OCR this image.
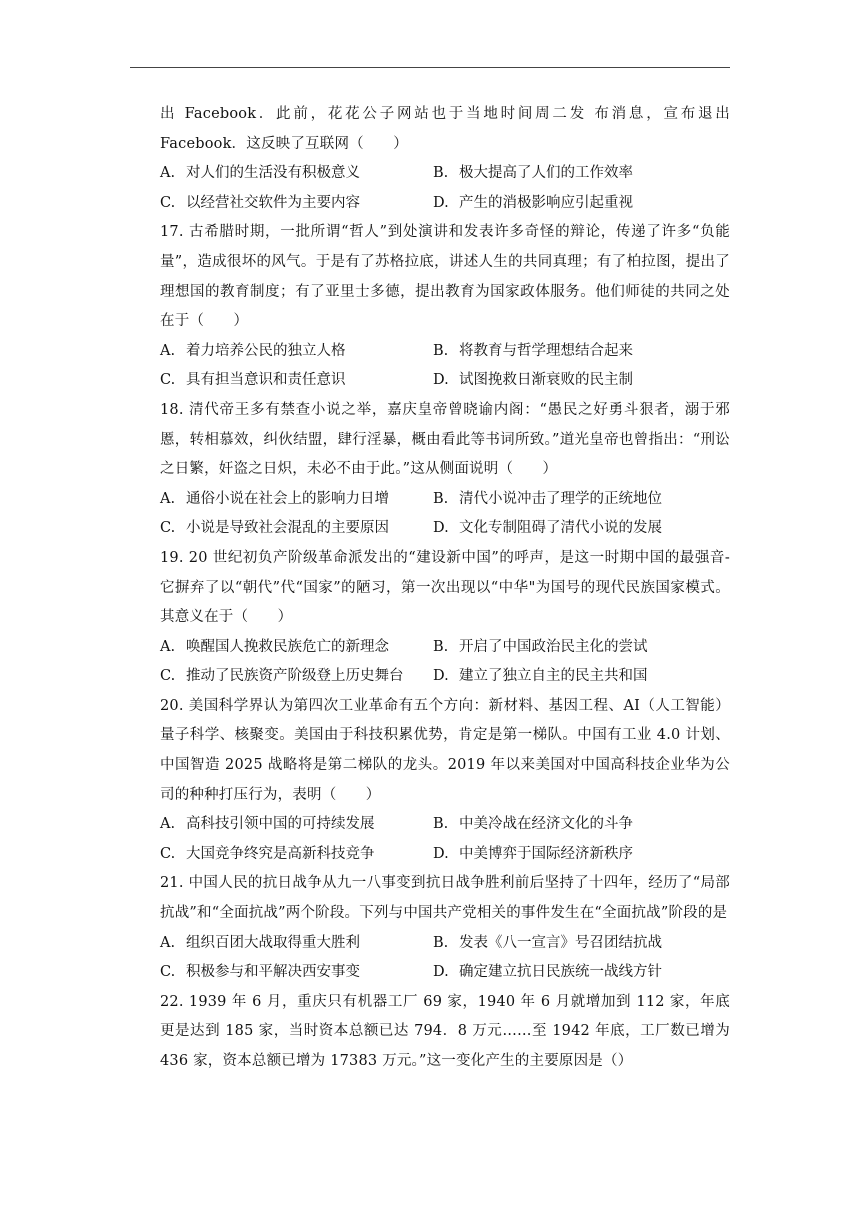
出 Facebook．此前，花花公子网站也于当地时间周二发 布消息，宣布退出 Facebook．这反映了互联网（　　）

A. 对人们的生活没有积极意义	B. 极大提高了人们的工作效率
C. 以经营社交软件为主要内容	D. 产生的消极影响应引起重视

17. 古希腊时期，一批所谓“哲人”到处演讲和发表许多奇怪的辩论，传递了许多“负能量”，造成很坏的风气。于是有了苏格拉底，讲述人生的共同真理；有了柏拉图，提出了理想国的教育制度；有了亚里士多德，提出教育为国家政体服务。他们师徒的共同之处在于（　　）

A. 着力培养公民的独立人格	B. 将教育与哲学理想结合起来
C. 具有担当意识和责任意识	D. 试图挽救日渐衰败的民主制

18. 清代帝王多有禁查小说之举，嘉庆皇帝曾晓谕内阁：“愚民之好勇斗狠者，溺于邪慝，转相慕效，纠伙结盟，肆行淫暴，概由看此等书词所致。”道光皇帝也曾指出：“刑讼之日繁，奸盗之日炽，未必不由于此。”这从侧面说明（　　）

A. 通俗小说在社会上的影响力日增	B. 清代小说冲击了理学的正统地位
C. 小说是导致社会混乱的主要原因	D. 文化专制阻碍了清代小说的发展

19. 20 世纪初负产阶级革命派发出的“建设新中国”的呼声，是这一时期中国的最强音-它摒弃了以“朝代”代“国家”的陋习，第一次出现以“中华"为国号的现代民族国家模式。其意义在于（　　）

A. 唤醒国人挽救民族危亡的新理念	B. 开启了中国政治民主化的尝试
C. 推动了民族资产阶级登上历史舞台 D. 建立了独立自主的民主共和国

20. 美国科学界认为第四次工业革命有五个方向：新材料、基因工程、AI（人工智能）量子科学、核聚变。美国由于科技积累优势，肯定是第一梯队。中国有工业 4.0 计划、中国智造 2025 战略将是第二梯队的龙头。2019 年以来美国对中国高科技企业华为公司的种种打压行为，表明（　　）

A. 高科技引领中国的可持续发展	B. 中美冷战在经济文化的斗争
C. 大国竞争终究是高新科技竞争	D. 中美博弈于国际经济新秩序

21. 中国人民的抗日战争从九一八事变到抗日战争胜利前后坚持了十四年，经历了“局部抗战”和“全面抗战”两个阶段。下列与中国共产党相关的事件发生在“全面抗战”阶段的是

A. 组织百团大战取得重大胜利	B. 发表《八一宣言》号召团结抗战
C. 积极参与和平解决西安事变	D. 确定建立抗日民族统一战线方针

22. 1939 年 6 月，重庆只有机器工厂 69 家，1940 年 6 月就增加到 112 家，年底更是达到 185 家，当时资本总额已达 794．8 万元……至 1942 年底，工厂数已增为 436 家，资本总额已增为 17383 万元。”这一变化产生的主要原因是（）
